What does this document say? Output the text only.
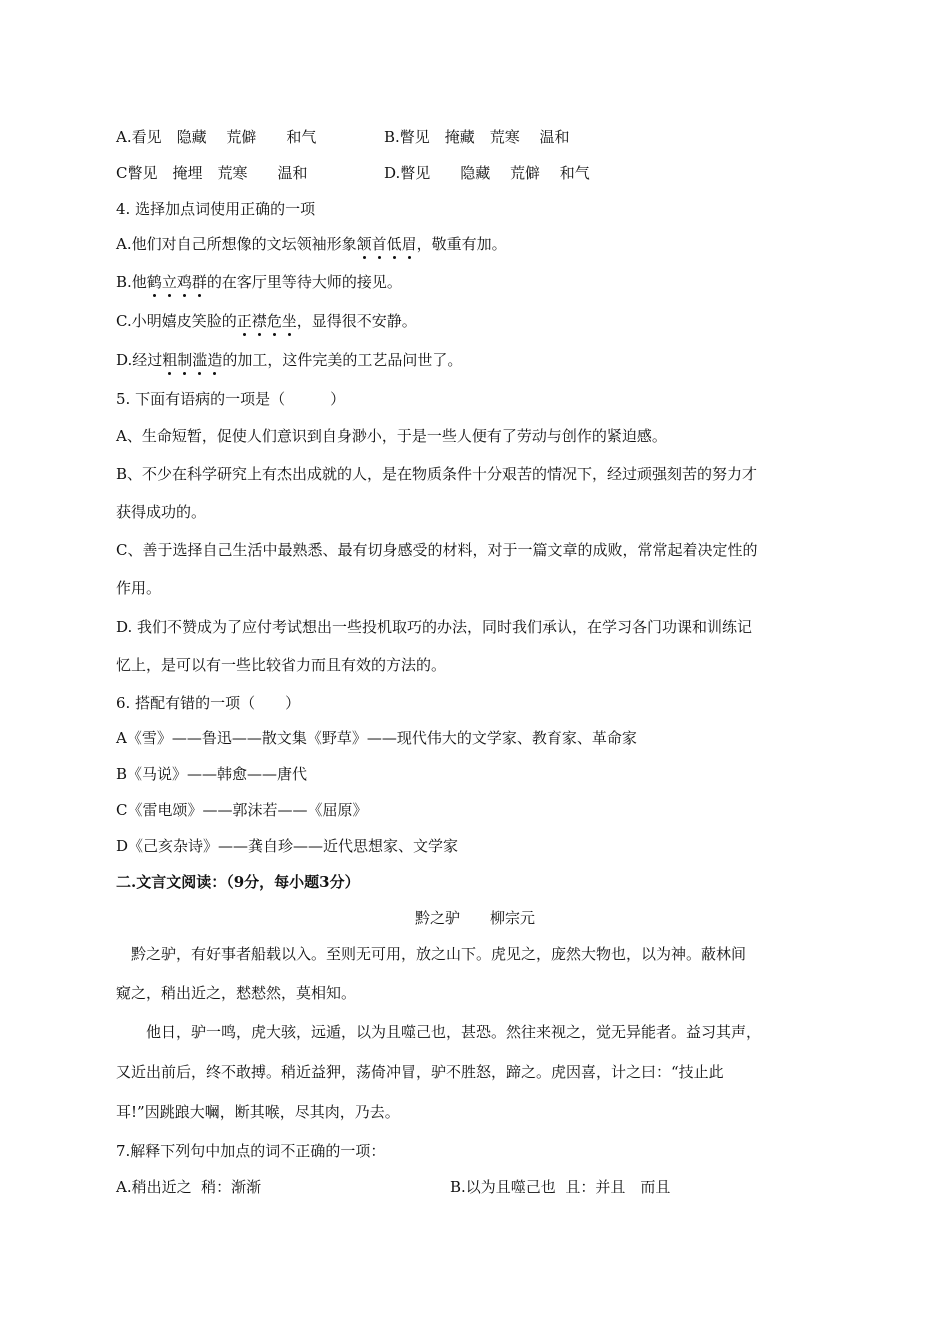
A.看见　隐藏　 荒僻　　和气	B.瞥见　掩藏　荒寒　 温和
C瞥见　掩埋　荒寒　　温和	D.瞥见　　隐藏　 荒僻　 和气
4. 选择加点词使用正确的一项
A.他们对自己所想像的文坛领袖形象颔首低眉，敬重有加。
B.他鹤立鸡群的在客厅里等待大师的接见。
C.小明嬉皮笑脸的正襟危坐，显得很不安静。
D.经过粗制滥造的加工，这件完美的工艺品问世了。
5. 下面有语病的一项是（　　　）
A、生命短暂，促使人们意识到自身渺小，于是一些人便有了劳动与创作的紧迫感。
B、不少在科学研究上有杰出成就的人，是在物质条件十分艰苦的情况下，经过顽强刻苦的努力才
获得成功的。
C、善于选择自己生活中最熟悉、最有切身感受的材料，对于一篇文章的成败，常常起着决定性的
作用。
D. 我们不赞成为了应付考试想出一些投机取巧的办法，同时我们承认，在学习各门功课和训练记
忆上，是可以有一些比较省力而且有效的方法的。
6. 搭配有错的一项（　　）
A《雪》——鲁迅——散文集《野草》——现代伟大的文学家、教育家、革命家
B《马说》——韩愈——唐代
C《雷电颂》——郭沫若——《屈原》
D《己亥杂诗》——龚自珍——近代思想家、文学家
二.文言文阅读：（9分，每小题3分）
黔之驴　　柳宗元
　黔之驴，有好事者船载以入。至则无可用，放之山下。虎见之，庞然大物也，以为神。蔽林间
窥之，稍出近之，慭慭然，莫相知。
　　他日，驴一鸣，虎大骇，远遁，以为且噬己也，甚恐。然往来视之，觉无异能者。益习其声，
又近出前后，终不敢搏。稍近益狎，荡倚冲冒，驴不胜怒，蹄之。虎因喜，计之曰：“技止此
耳!”因跳踉大㘎，断其喉，尽其肉，乃去。
7.解释下列句中加点的词不正确的一项：
A.稍出近之  稍：渐渐	B.以为且噬己也  且：并且　而且
